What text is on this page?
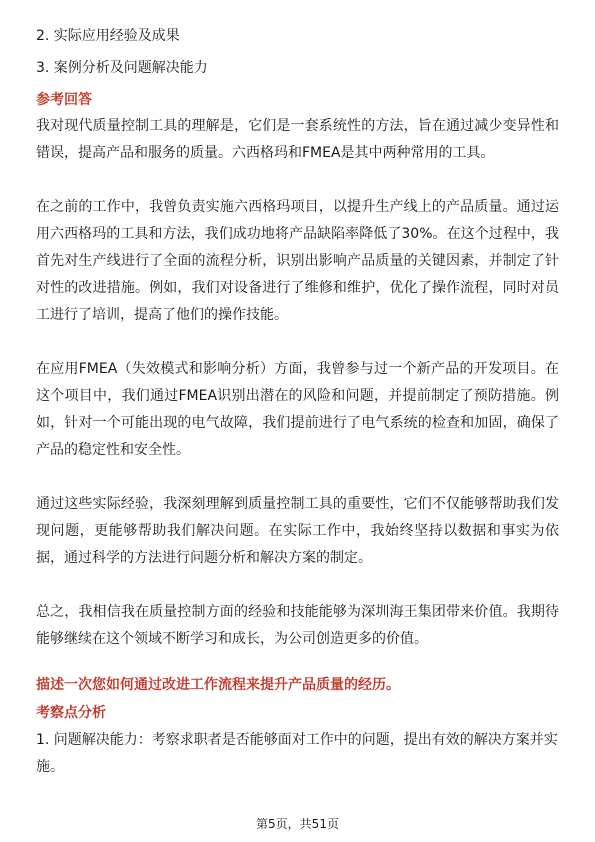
2. 实际应用经验及成果

3. 案例分析及问题解决能力

参考回答

我对现代质量控制工具的理解是，它们是一套系统性的方法，旨在通过减少变异性和错误，提高产品和服务的质量。六西格玛和FMEA是其中两种常用的工具。

在之前的工作中，我曾负责实施六西格玛项目，以提升生产线上的产品质量。通过运用六西格玛的工具和方法，我们成功地将产品缺陷率降低了30%。在这个过程中，我首先对生产线进行了全面的流程分析，识别出影响产品质量的关键因素，并制定了针对性的改进措施。例如，我们对设备进行了维修和维护，优化了操作流程，同时对员工进行了培训，提高了他们的操作技能。

在应用FMEA（失效模式和影响分析）方面，我曾参与过一个新产品的开发项目。在这个项目中，我们通过FMEA识别出潜在的风险和问题，并提前制定了预防措施。例如，针对一个可能出现的电气故障，我们提前进行了电气系统的检查和加固，确保了产品的稳定性和安全性。

通过这些实际经验，我深刻理解到质量控制工具的重要性，它们不仅能够帮助我们发现问题，更能够帮助我们解决问题。在实际工作中，我始终坚持以数据和事实为依据，通过科学的方法进行问题分析和解决方案的制定。

总之，我相信我在质量控制方面的经验和技能能够为深圳海王集团带来价值。我期待能够继续在这个领域不断学习和成长，为公司创造更多的价值。

描述一次您如何通过改进工作流程来提升产品质量的经历。
考察点分析

1. 问题解决能力：考察求职者是否能够面对工作中的问题，提出有效的解决方案并实施。

第5页，共51页
